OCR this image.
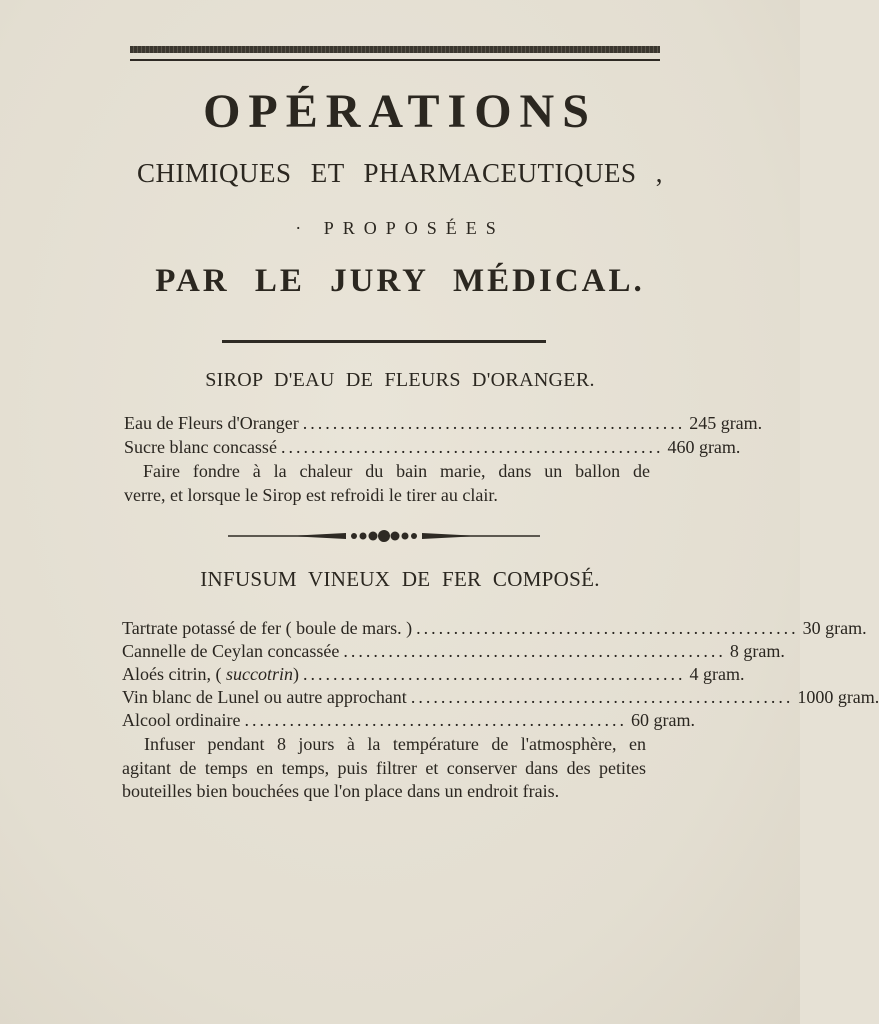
OPÉRATIONS
CHIMIQUES ET PHARMACEUTIQUES ,
· PROPOSÉES
PAR LE JURY MÉDICAL.
SIROP D'EAU DE FLEURS D'ORANGER.
Eau de Fleurs d'Oranger ................................................... 245 gram.
Sucre blanc concassé ................................................... 460 gram.
Faire fondre à la chaleur du bain marie, dans un ballon de
verre, et lorsque le Sirop est refroidi le tirer au clair.
INFUSUM VINEUX DE FER COMPOSÉ.
Tartrate potassé de fer ( boule de mars. ) ................................................... 30 gram.
Cannelle de Ceylan concassée ................................................... 8 gram.
Aloés citrin, ( succotrin) ................................................... 4 gram.
Vin blanc de Lunel ou autre approchant ................................................... 1000 gram.
Alcool ordinaire ................................................... 60 gram.
Infuser pendant 8 jours à la température de l'atmosphère, en
agitant de temps en temps, puis filtrer et conserver dans des petites
bouteilles bien bouchées que l'on place dans un endroit frais.
